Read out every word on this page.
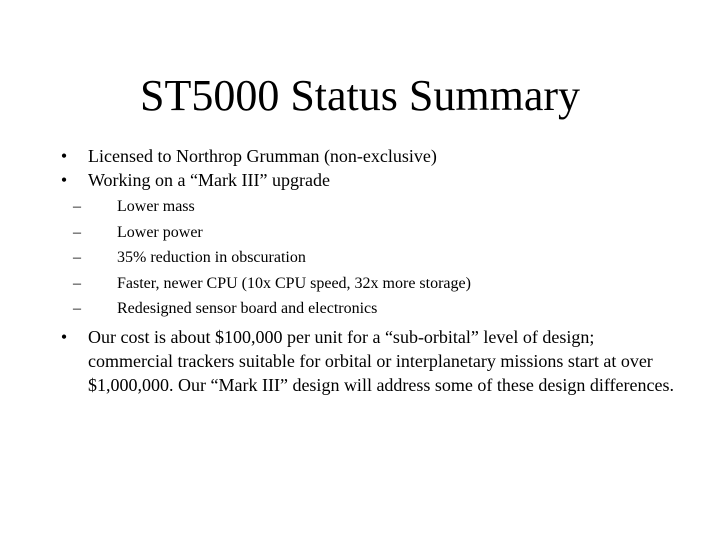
ST5000 Status Summary
• Licensed to Northrop Grumman (non-exclusive)
• Working on a “Mark III” upgrade
–	Lower mass
–	Lower power
–	35% reduction in obscuration
–	Faster, newer CPU (10x CPU speed, 32x more storage)
–	Redesigned sensor board and electronics
• Our cost is about $100,000 per unit for a “sub-orbital” level of design; commercial trackers suitable for orbital or interplanetary missions start at over $1,000,000. Our “Mark III” design will address some of these design differences.
